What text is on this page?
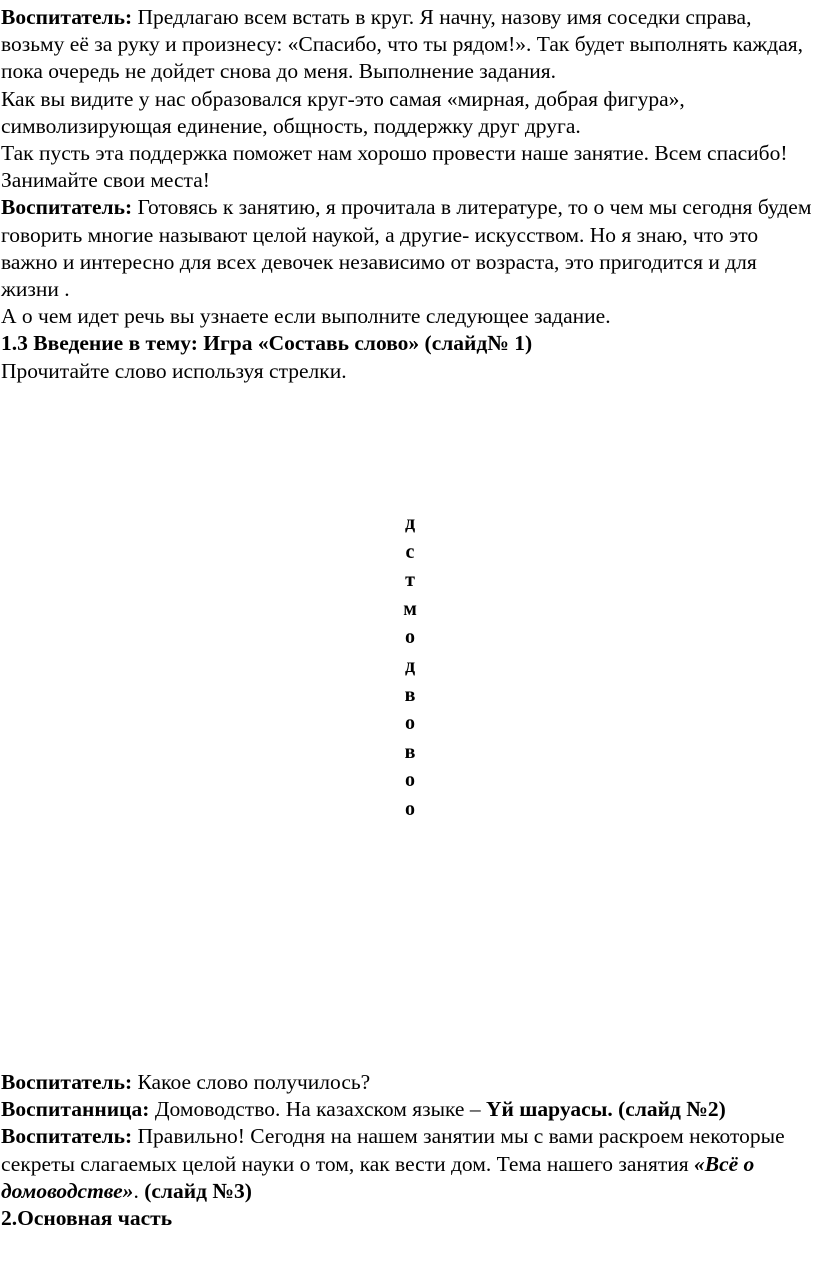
Воспитатель: Предлагаю всем встать в круг. Я начну, назову имя соседки справа, возьму её за руку и произнесу: «Спасибо, что ты рядом!». Так будет выполнять каждая, пока очередь не дойдет снова до меня. Выполнение задания.

Как вы видите у нас образовался круг-это самая «мирная, добрая фигура», символизирующая единение, общность, поддержку друг друга.

Так пусть эта поддержка поможет нам хорошо провести наше занятие. Всем спасибо! Занимайте свои места!

Воспитатель: Готовясь к занятию, я прочитала в литературе, то о чем мы сегодня будем говорить многие называют целой наукой, а другие- искусством. Но я знаю, что это важно и интересно для всех девочек независимо от возраста, это пригодится и для жизни .

А о чем идет речь вы узнаете если выполните следующее задание.

1.3 Введение в тему: Игра «Составь слово» (слайд№ 1)

Прочитайте слово используя стрелки.

д
с
т
м
о
д
в
о
в
о
о

Воспитатель: Какое слово получилось?

Воспитанница: Домоводство. На казахском языке – Үй шаруасы. (слайд №2)

Воспитатель: Правильно! Сегодня на нашем занятии мы с вами раскроем некоторые секреты слагаемых целой науки о том, как вести дом. Тема нашего занятия «Всё о домоводстве». (слайд №3)

2.Основная часть
